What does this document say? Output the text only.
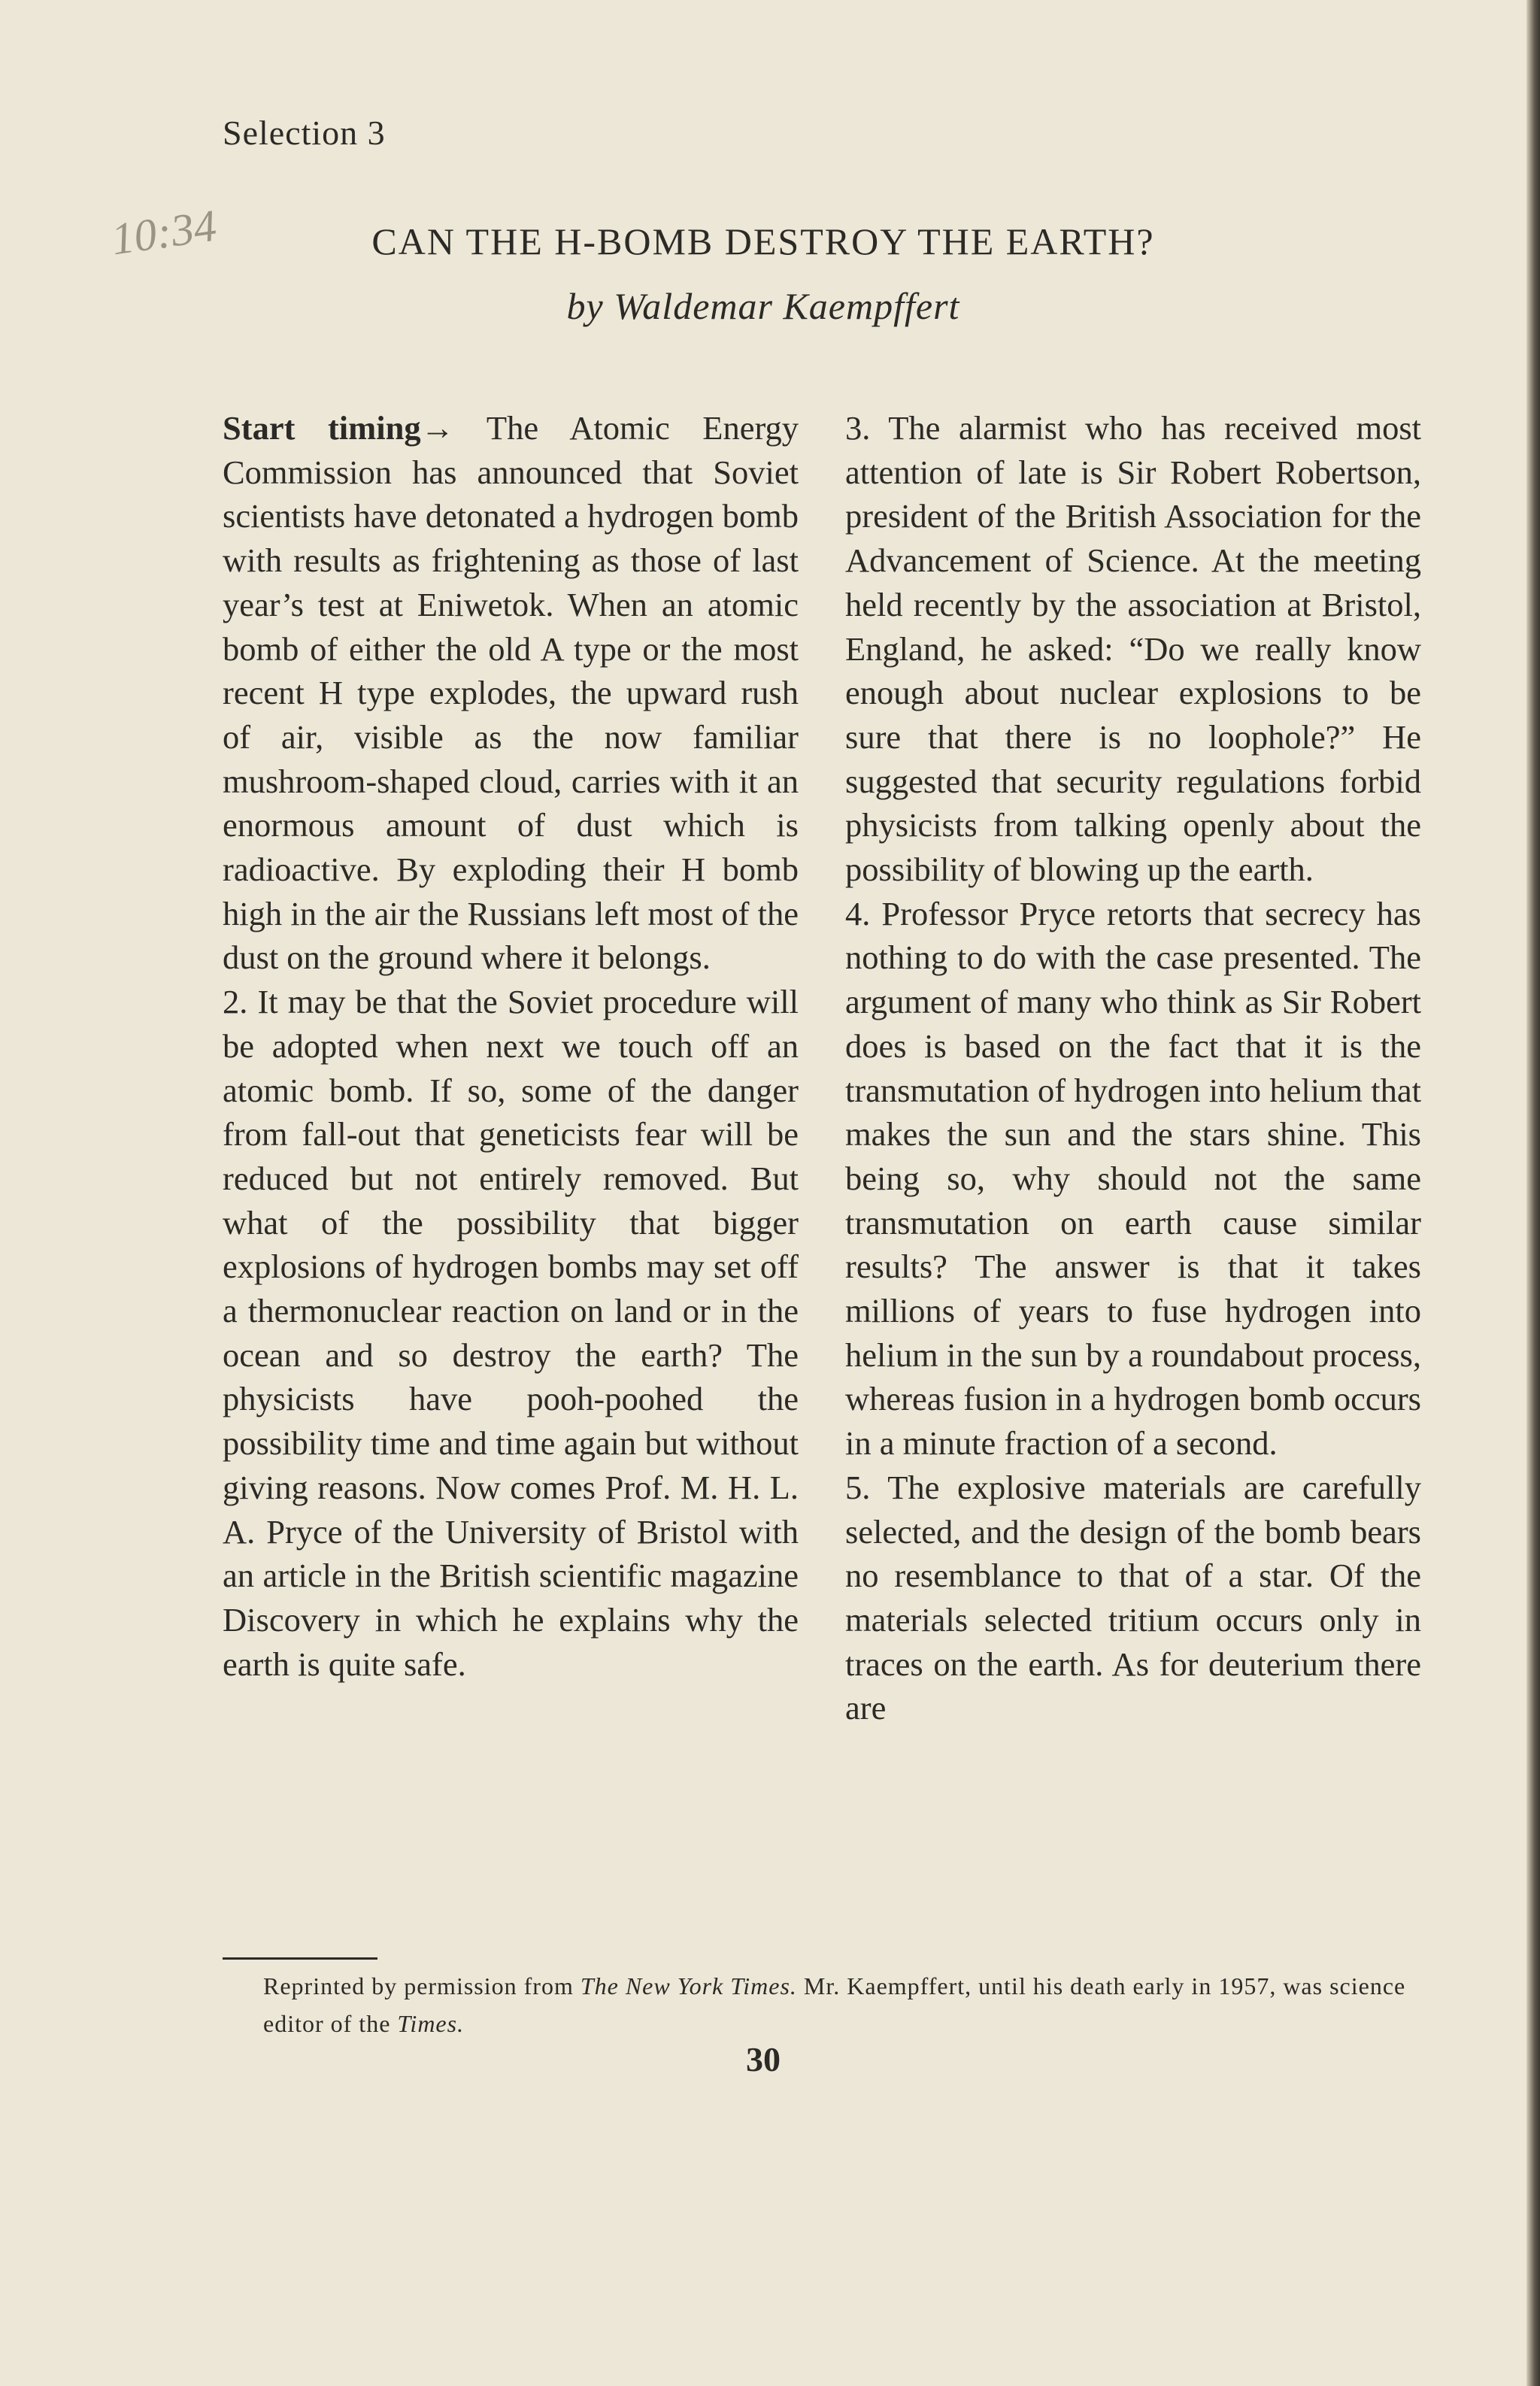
Selection 3
10:34	CAN THE H-BOMB DESTROY THE EARTH?
by Waldemar Kaempffert

Start timing→ The Atomic Energy Commission has announced that Soviet scientists have detonated a hydrogen bomb with results as frightening as those of last year’s test at Eniwetok. When an atomic bomb of either the old A type or the most recent H type explodes, the upward rush of air, visible as the now familiar mushroom-shaped cloud, carries with it an enormous amount of dust which is radioactive. By exploding their H bomb high in the air the Russians left most of the dust on the ground where it belongs.

2. It may be that the Soviet procedure will be adopted when next we touch off an atomic bomb. If so, some of the danger from fall-out that geneticists fear will be reduced but not entirely removed. But what of the possibility that bigger explosions of hydrogen bombs may set off a thermonuclear reaction on land or in the ocean and so destroy the earth? The physicists have pooh-poohed the possibility time and time again but without giving reasons. Now comes Prof. M. H. L. A. Pryce of the University of Bristol with an article in the British scientific magazine Discovery in which he explains why the earth is quite safe.

3. The alarmist who has received most attention of late is Sir Robert Robertson, president of the British Association for the Advancement of Science. At the meeting held recently by the association at Bristol, England, he asked: “Do we really know enough about nuclear explosions to be sure that there is no loophole?” He suggested that security regulations forbid physicists from talking openly about the possibility of blowing up the earth.

4. Professor Pryce retorts that secrecy has nothing to do with the case presented. The argument of many who think as Sir Robert does is based on the fact that it is the transmutation of hydrogen into helium that makes the sun and the stars shine. This being so, why should not the same transmutation on earth cause similar results? The answer is that it takes millions of years to fuse hydrogen into helium in the sun by a roundabout process, whereas fusion in a hydrogen bomb occurs in a minute fraction of a second.

5. The explosive materials are carefully selected, and the design of the bomb bears no resemblance to that of a star. Of the materials selected tritium occurs only in traces on the earth. As for deuterium there are

Reprinted by permission from The New York Times. Mr. Kaempffert, until his death early in 1957, was science editor of the Times.
30
